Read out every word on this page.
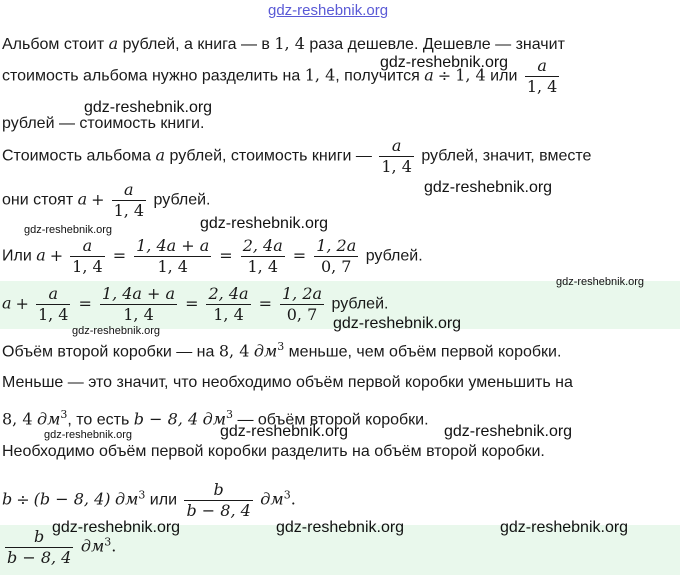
gdz-reshebnik.org
Альбом стоит a рублей, а книга — в 1, 4 раза дешевле. Дешевле — значит
стоимость альбома нужно разделить на 1, 4, получится a ÷ 1, 4 или $\frac{a}{1, 4}$
рублей — стоимость книги.
Стоимость альбома a рублей, стоимость книги — $\frac{a}{1, 4}$ рублей, значит, вместе
они стоят $a + \frac{a}{1, 4}$ рублей.
Или $a + \frac{a}{1, 4} = \frac{1, 4a + a}{1, 4} = \frac{2, 4a}{1, 4} = \frac{1, 2a}{0, 7}$ рублей.
$a + \frac{a}{1, 4} = \frac{1, 4a + a}{1, 4} = \frac{2, 4a}{1, 4} = \frac{1, 2a}{0, 7}$ рублей.
Объём второй коробки — на 8, 4 $дм^3$ меньше, чем объём первой коробки.
Меньше — это значит, что необходимо объём первой коробки уменьшить на
8, 4 $дм^3$, то есть b − 8, 4 $дм^3$ — объём второй коробки.
Необходимо объём первой коробки разделить на объём второй коробки.
b ÷ (b − 8, 4) $дм^3$ или $\frac{b}{b - 8, 4} дм^3$.
$\frac{b}{b - 8, 4} дм^3$.
gdz-reshebnik.org
gdz-reshebnik.org
gdz-reshebnik.org
gdz-reshebnik.org
gdz-reshebnik.org
gdz-reshebnik.org
gdz-reshebnik.org	gdz-reshebnik.org
gdz-reshebnik.org	gdz-reshebnik.org	gdz-reshebnik.org
gdz-reshebnik.org	gdz-reshebnik.org	gdz-reshebnik.org
